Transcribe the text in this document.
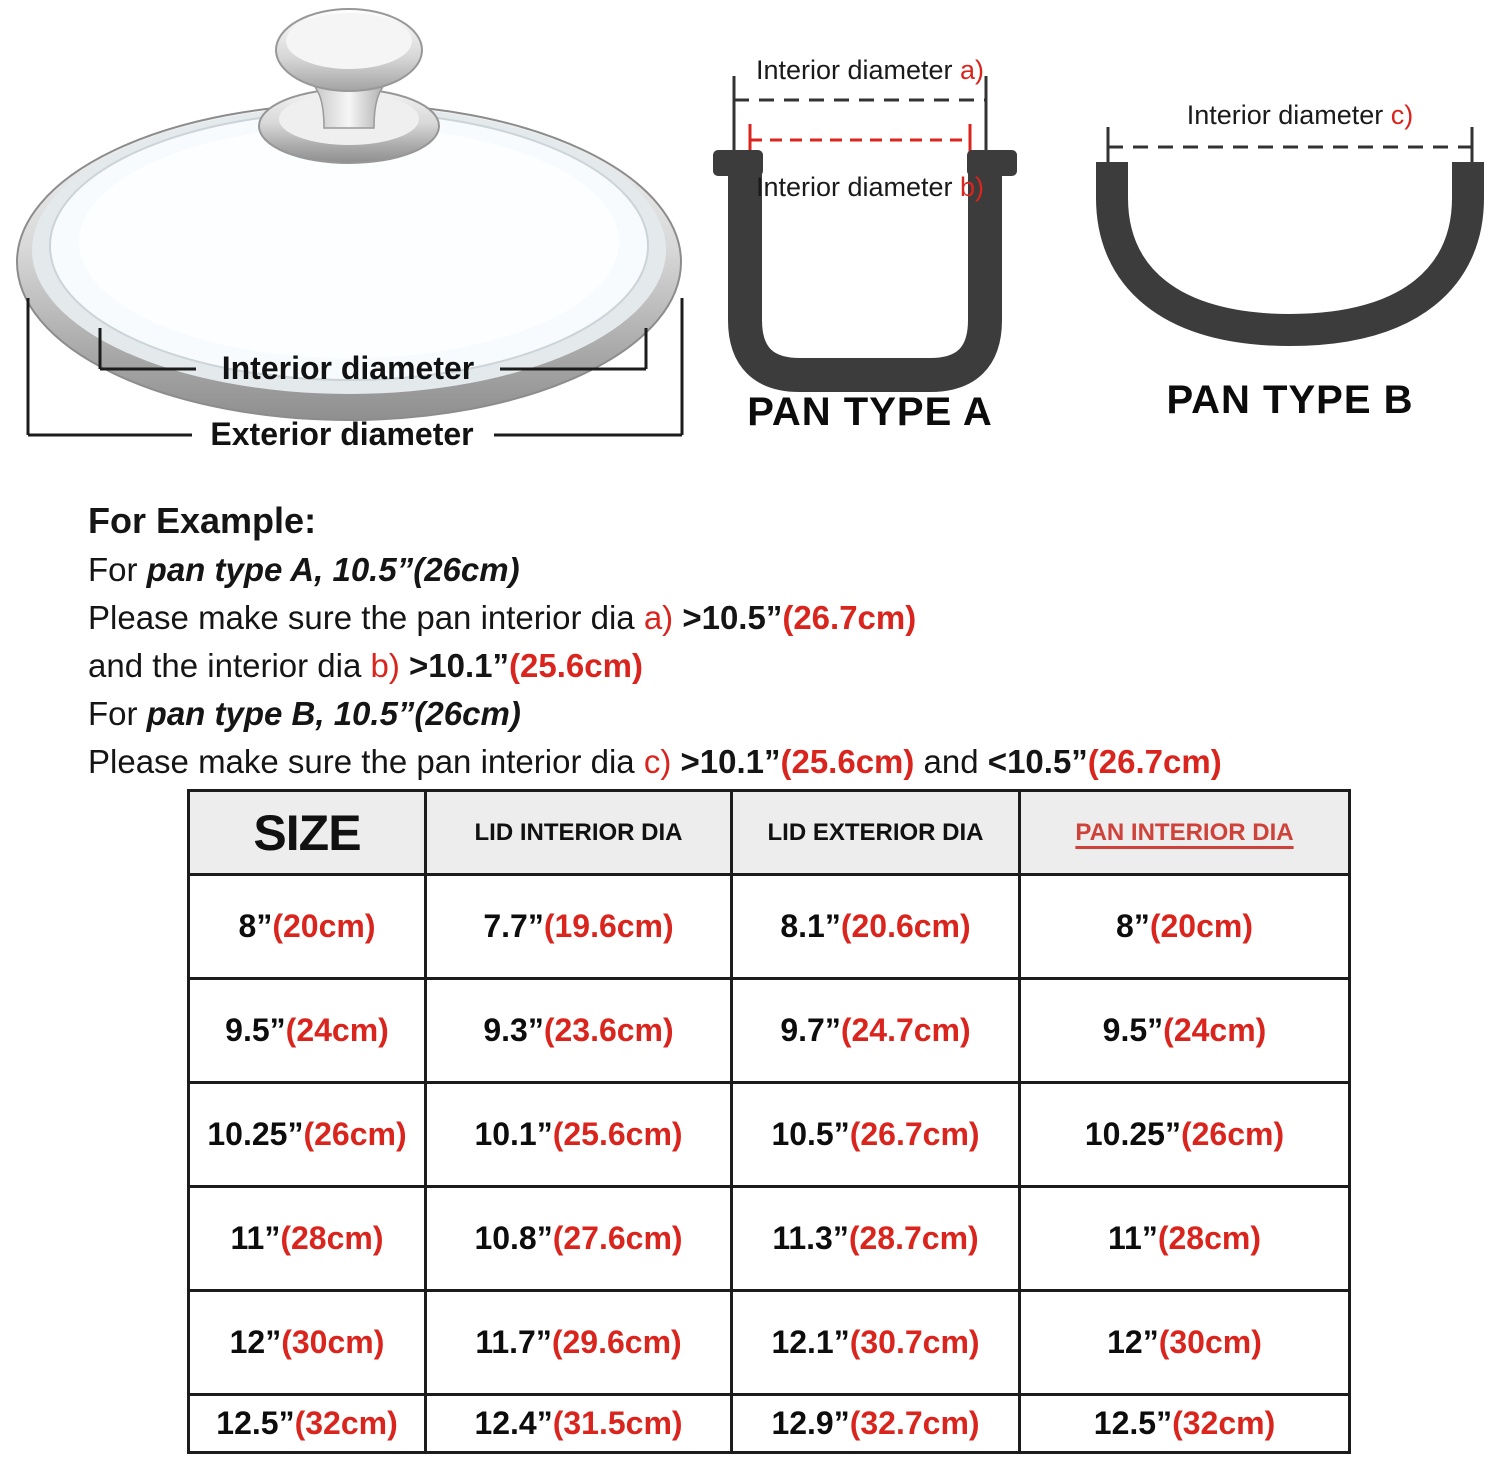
Interior diameter
Exterior diameter
Interior diameter a)
Interior diameter b)
PAN TYPE A
Interior diameter c)
PAN TYPE B
For Example:
For pan type A, 10.5”(26cm)
Please make sure the pan interior dia a) >10.5”(26.7cm)
and the interior dia b) >10.1”(25.6cm)
For pan type B, 10.5”(26cm)
Please make sure the pan interior dia c) >10.1”(25.6cm) and <10.5”(26.7cm)
SIZE	LID INTERIOR DIA	LID EXTERIOR DIA	PAN INTERIOR DIA
8”(20cm)	7.7”(19.6cm)	8.1”(20.6cm)	8”(20cm)
9.5”(24cm)	9.3”(23.6cm)	9.7”(24.7cm)	9.5”(24cm)
10.25”(26cm)	10.1”(25.6cm)	10.5”(26.7cm)	10.25”(26cm)
11”(28cm)	10.8”(27.6cm)	11.3”(28.7cm)	11”(28cm)
12”(30cm)	11.7”(29.6cm)	12.1”(30.7cm)	12”(30cm)
12.5”(32cm)	12.4”(31.5cm)	12.9”(32.7cm)	12.5”(32cm)
